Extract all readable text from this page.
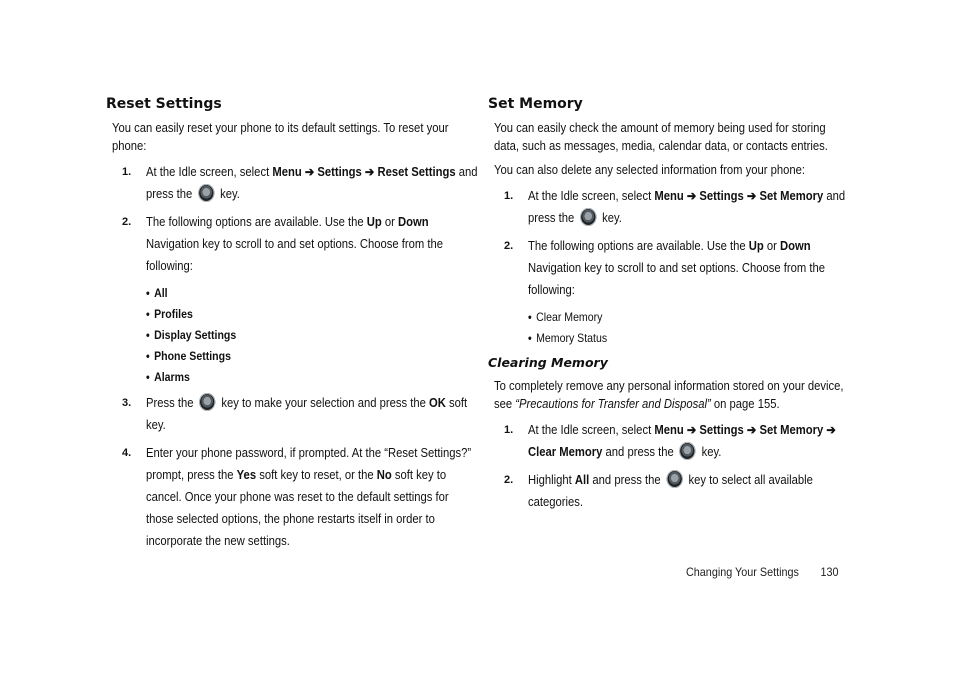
Reset Settings

You can easily reset your phone to its default settings. To reset your phone:

1. At the Idle screen, select Menu ➔ Settings ➔ Reset Settings and press the  key.
2. The following options are available. Use the Up or Down Navigation key to scroll to and set options. Choose from the following:
• All
• Profiles
• Display Settings
• Phone Settings
• Alarms
3. Press the  key to make your selection and press the OK soft key.
4. Enter your phone password, if prompted. At the “Reset Settings?” prompt, press the Yes soft key to reset, or the No soft key to cancel. Once your phone was reset to the default settings for those selected options, the phone restarts itself in order to incorporate the new settings.
Set Memory

You can easily check the amount of memory being used for storing data, such as messages, media, calendar data, or contacts entries.

You can also delete any selected information from your phone:

1. At the Idle screen, select Menu ➔ Settings ➔ Set Memory and press the  key.
2. The following options are available. Use the Up or Down Navigation key to scroll to and set options. Choose from the following:
• Clear Memory
• Memory Status
Clearing Memory

To completely remove any personal information stored on your device, see “Precautions for Transfer and Disposal” on page 155.

1. At the Idle screen, select Menu ➔ Settings ➔ Set Memory ➔ Clear Memory and press the  key.
2. Highlight All and press the  key to select all available categories.
Changing Your Settings 130
